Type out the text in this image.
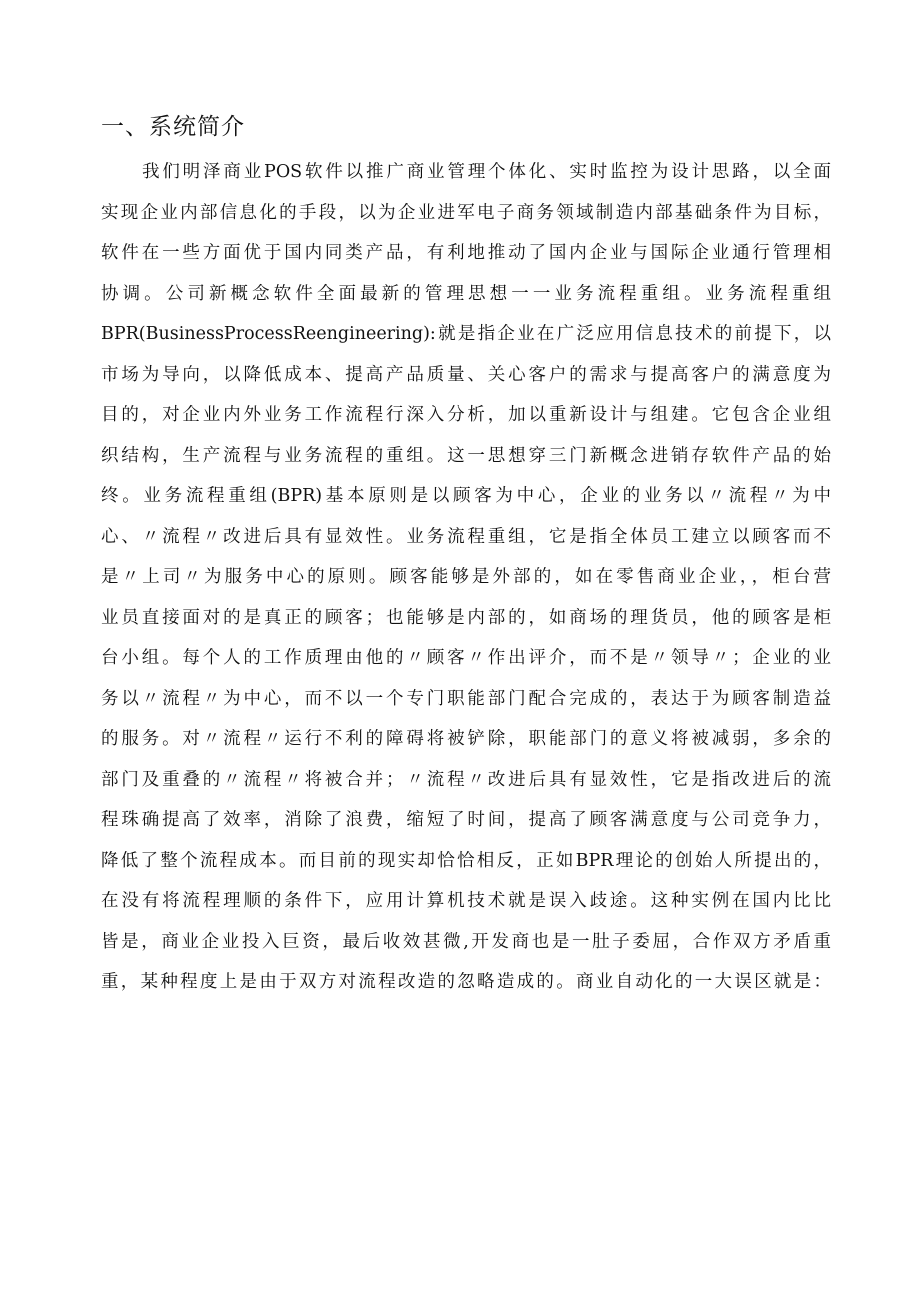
一、系统简介
我们明泽商业POS软件以推广商业管理个体化、实时监控为设计思路，以全面
实现企业内部信息化的手段，以为企业进军电子商务领域制造内部基础条件为目标，
软件在一些方面优于国内同类产品，有利地推动了国内企业与国际企业通行管理相
协调。公司新概念软件全面最新的管理思想一一业务流程重组。业务流程重组
BPR(BusinessProcessReengineering):就是指企业在广泛应用信息技术的前提下，以
市场为导向，以降低成本、提高产品质量、关心客户的需求与提高客户的满意度为
目的，对企业内外业务工作流程行深入分析，加以重新设计与组建。它包含企业组
织结构，生产流程与业务流程的重组。这一思想穿三门新概念进销存软件产品的始
终。业务流程重组(BPR)基本原则是以顾客为中心，企业的业务以〃流程〃为中
心、〃流程〃改进后具有显效性。业务流程重组，它是指全体员工建立以顾客而不
是〃上司〃为服务中心的原则。顾客能够是外部的，如在零售商业企业，，柜台营
业员直接面对的是真正的顾客；也能够是内部的，如商场的理货员，他的顾客是柜
台小组。每个人的工作质理由他的〃顾客〃作出评介，而不是〃领导〃；企业的业
务以〃流程〃为中心，而不以一个专门职能部门配合完成的，表达于为顾客制造益
的服务。对〃流程〃运行不利的障碍将被铲除，职能部门的意义将被减弱，多余的
部门及重叠的〃流程〃将被合并；〃流程〃改进后具有显效性，它是指改进后的流
程珠确提高了效率，消除了浪费，缩短了时间，提高了顾客满意度与公司竞争力，
降低了整个流程成本。而目前的现实却恰恰相反，正如BPR理论的创始人所提出的，
在没有将流程理顺的条件下，应用计算机技术就是误入歧途。这种实例在国内比比
皆是，商业企业投入巨资，最后收效甚微,开发商也是一肚子委屈，合作双方矛盾重
重，某种程度上是由于双方对流程改造的忽略造成的。商业自动化的一大误区就是：
